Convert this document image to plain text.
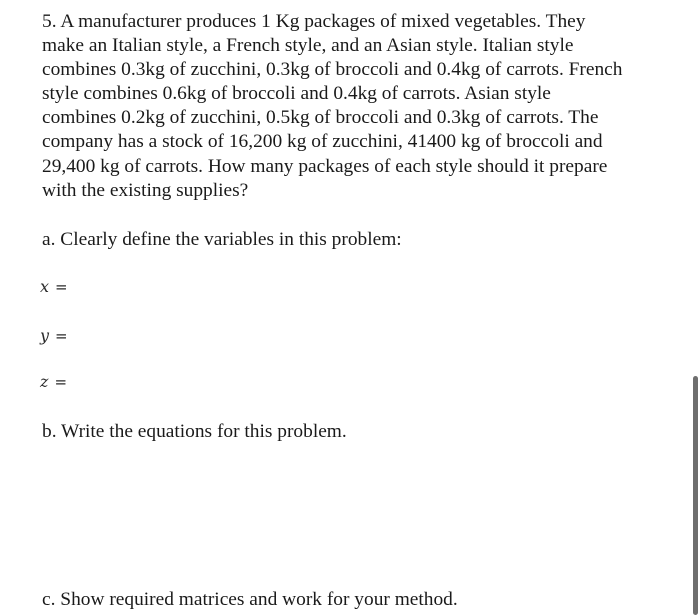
5. A manufacturer produces 1 Kg packages of mixed vegetables. They
make an Italian style, a French style, and an Asian style. Italian style
combines 0.3kg of zucchini, 0.3kg of broccoli and 0.4kg of carrots. French
style combines 0.6kg of broccoli and 0.4kg of carrots. Asian style
combines 0.2kg of zucchini, 0.5kg of broccoli and 0.3kg of carrots. The
company has a stock of 16,200 kg of zucchini, 41400 kg of broccoli and
29,400 kg of carrots. How many packages of each style should it prepare
with the existing supplies?

a. Clearly define the variables in this problem:

x =
y =
z =

b. Write the equations for this problem.

c. Show required matrices and work for your method.
